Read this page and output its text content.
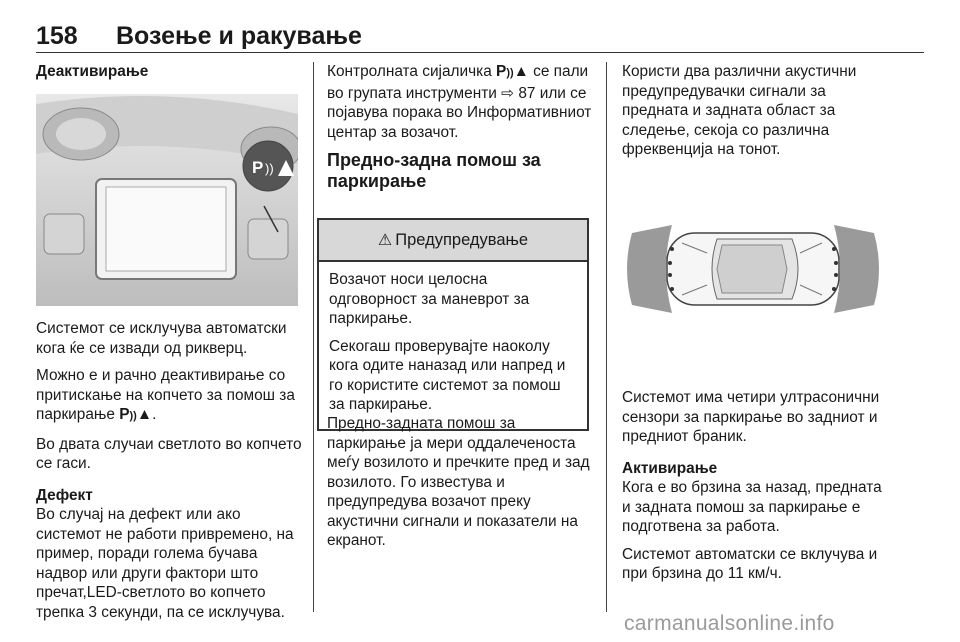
158 Возење и ракување
Деактивирање
P ))

Системот се исклучува автоматски кога ќе се извади од рикверц.

Можно е и рачно деактивирање со притискање на копчето за помош за паркирање P))▲.

Во двата случаи светлото во копчето се гаси.

Дефект

Во случај на дефект или ако системот не работи привремено, на пример, поради голема бучава надвор или други фактори што пречат,LED-светлото во копчето трепка 3 секунди, па се исклучува.

Контролната сијаличка P))▲ се пали во групата инструменти ⇨ 87 или се појавува порака во Информативниот центар за возачот.

Предно-задна помош за паркирање
⚠ Предупредување

Возачот носи целосна одговорност за маневрот за паркирање.

Секогаш проверувајте наоколу кога одите наназад или напред и го користите системот за помош за паркирање.

Предно-задната помош за паркирање ја мери оддалеченоста меѓу возилото и пречките пред и зад возилото. Го известува и предупредува возачот преку акустични сигнали и показатели на екранот.

Користи два различни акустични предупредувачки сигнали за предната и задната област за следење, секоја со различна фреквенција на тонот.

Системот има четири ултрасонични сензори за паркирање во задниот и предниот браник.

Активирање

Кога е во брзина за назад, предната и задната помош за паркирање е подготвена за работа.

Системот автоматски се вклучува и при брзина до 11 км/ч.

carmanualsonline.info
